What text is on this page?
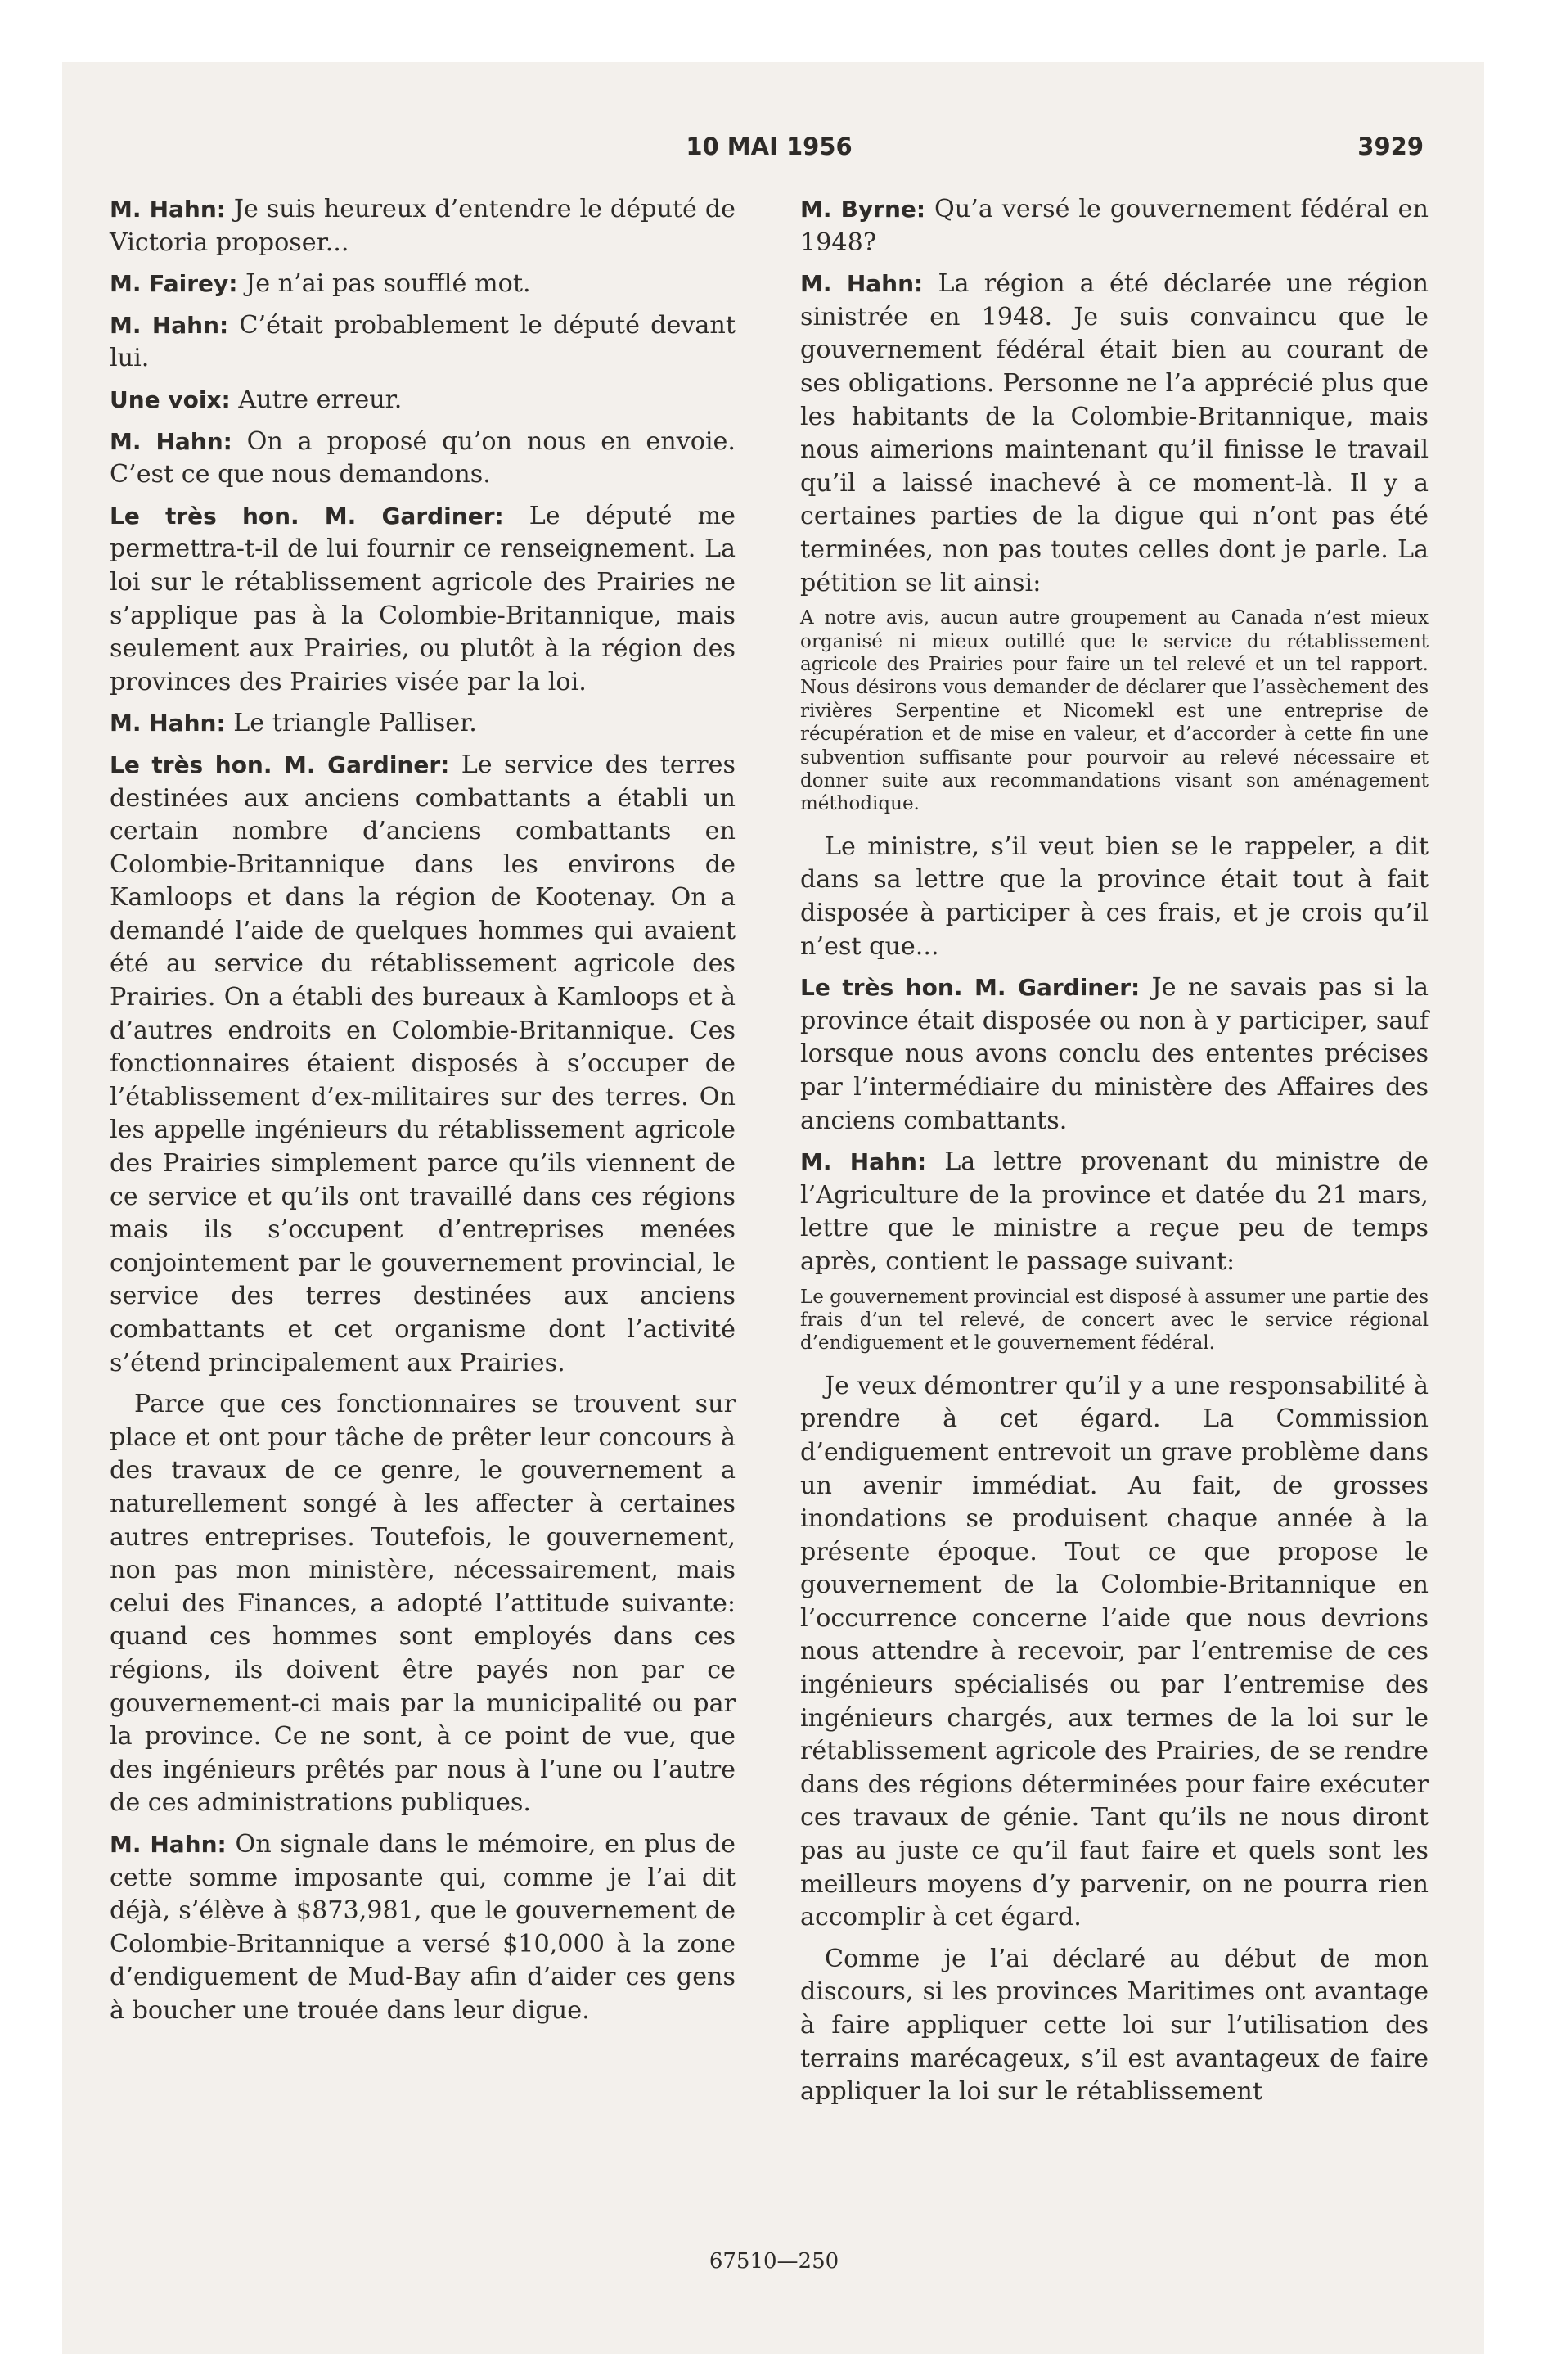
10 MAI 1956	3929

M. Hahn: Je suis heureux d’entendre le député de Victoria proposer...

M. Fairey: Je n’ai pas soufflé mot.

M. Hahn: C’était probablement le député devant lui.

Une voix: Autre erreur.

M. Hahn: On a proposé qu’on nous en envoie. C’est ce que nous demandons.

Le très hon. M. Gardiner: Le député me permettra-t-il de lui fournir ce renseignement. La loi sur le rétablissement agricole des Prairies ne s’applique pas à la Colombie-Britannique, mais seulement aux Prairies, ou plutôt à la région des provinces des Prairies visée par la loi.

M. Hahn: Le triangle Palliser.

Le très hon. M. Gardiner: Le service des terres destinées aux anciens combattants a établi un certain nombre d’anciens combattants en Colombie-Britannique dans les environs de Kamloops et dans la région de Kootenay. On a demandé l’aide de quelques hommes qui avaient été au service du rétablissement agricole des Prairies. On a établi des bureaux à Kamloops et à d’autres endroits en Colombie-Britannique. Ces fonctionnaires étaient disposés à s’occuper de l’établissement d’ex-militaires sur des terres. On les appelle ingénieurs du rétablissement agricole des Prairies simplement parce qu’ils viennent de ce service et qu’ils ont travaillé dans ces régions mais ils s’occupent d’entreprises menées conjointement par le gouvernement provincial, le service des terres destinées aux anciens combattants et cet organisme dont l’activité s’étend principalement aux Prairies.

Parce que ces fonctionnaires se trouvent sur place et ont pour tâche de prêter leur concours à des travaux de ce genre, le gouvernement a naturellement songé à les affecter à certaines autres entreprises. Toutefois, le gouvernement, non pas mon ministère, nécessairement, mais celui des Finances, a adopté l’attitude suivante: quand ces hommes sont employés dans ces régions, ils doivent être payés non par ce gouvernement-ci mais par la municipalité ou par la province. Ce ne sont, à ce point de vue, que des ingénieurs prêtés par nous à l’une ou l’autre de ces administrations publiques.

M. Hahn: On signale dans le mémoire, en plus de cette somme imposante qui, comme je l’ai dit déjà, s’élève à $873,981, que le gouvernement de Colombie-Britannique a versé $10,000 à la zone d’endiguement de Mud-Bay afin d’aider ces gens à boucher une trouée dans leur digue.

M. Byrne: Qu’a versé le gouvernement fédéral en 1948?

M. Hahn: La région a été déclarée une région sinistrée en 1948. Je suis convaincu que le gouvernement fédéral était bien au courant de ses obligations. Personne ne l’a apprécié plus que les habitants de la Colombie-Britannique, mais nous aimerions maintenant qu’il finisse le travail qu’il a laissé inachevé à ce moment-là. Il y a certaines parties de la digue qui n’ont pas été terminées, non pas toutes celles dont je parle. La pétition se lit ainsi:

A notre avis, aucun autre groupement au Canada n’est mieux organisé ni mieux outillé que le service du rétablissement agricole des Prairies pour faire un tel relevé et un tel rapport. Nous désirons vous demander de déclarer que l’assèchement des rivières Serpentine et Nicomekl est une entreprise de récupération et de mise en valeur, et d’accorder à cette fin une subvention suffisante pour pourvoir au relevé nécessaire et donner suite aux recommandations visant son aménagement méthodique.

Le ministre, s’il veut bien se le rappeler, a dit dans sa lettre que la province était tout à fait disposée à participer à ces frais, et je crois qu’il n’est que...

Le très hon. M. Gardiner: Je ne savais pas si la province était disposée ou non à y participer, sauf lorsque nous avons conclu des ententes précises par l’intermédiaire du ministère des Affaires des anciens combattants.

M. Hahn: La lettre provenant du ministre de l’Agriculture de la province et datée du 21 mars, lettre que le ministre a reçue peu de temps après, contient le passage suivant:

Le gouvernement provincial est disposé à assumer une partie des frais d’un tel relevé, de concert avec le service régional d’endiguement et le gouvernement fédéral.

Je veux démontrer qu’il y a une responsabilité à prendre à cet égard. La Commission d’endiguement entrevoit un grave problème dans un avenir immédiat. Au fait, de grosses inondations se produisent chaque année à la présente époque. Tout ce que propose le gouvernement de la Colombie-Britannique en l’occurrence concerne l’aide que nous devrions nous attendre à recevoir, par l’entremise de ces ingénieurs spécialisés ou par l’entremise des ingénieurs chargés, aux termes de la loi sur le rétablissement agricole des Prairies, de se rendre dans des régions déterminées pour faire exécuter ces travaux de génie. Tant qu’ils ne nous diront pas au juste ce qu’il faut faire et quels sont les meilleurs moyens d’y parvenir, on ne pourra rien accomplir à cet égard.

Comme je l’ai déclaré au début de mon discours, si les provinces Maritimes ont avantage à faire appliquer cette loi sur l’utilisation des terrains marécageux, s’il est avantageux de faire appliquer la loi sur le rétablissement

67510—250
